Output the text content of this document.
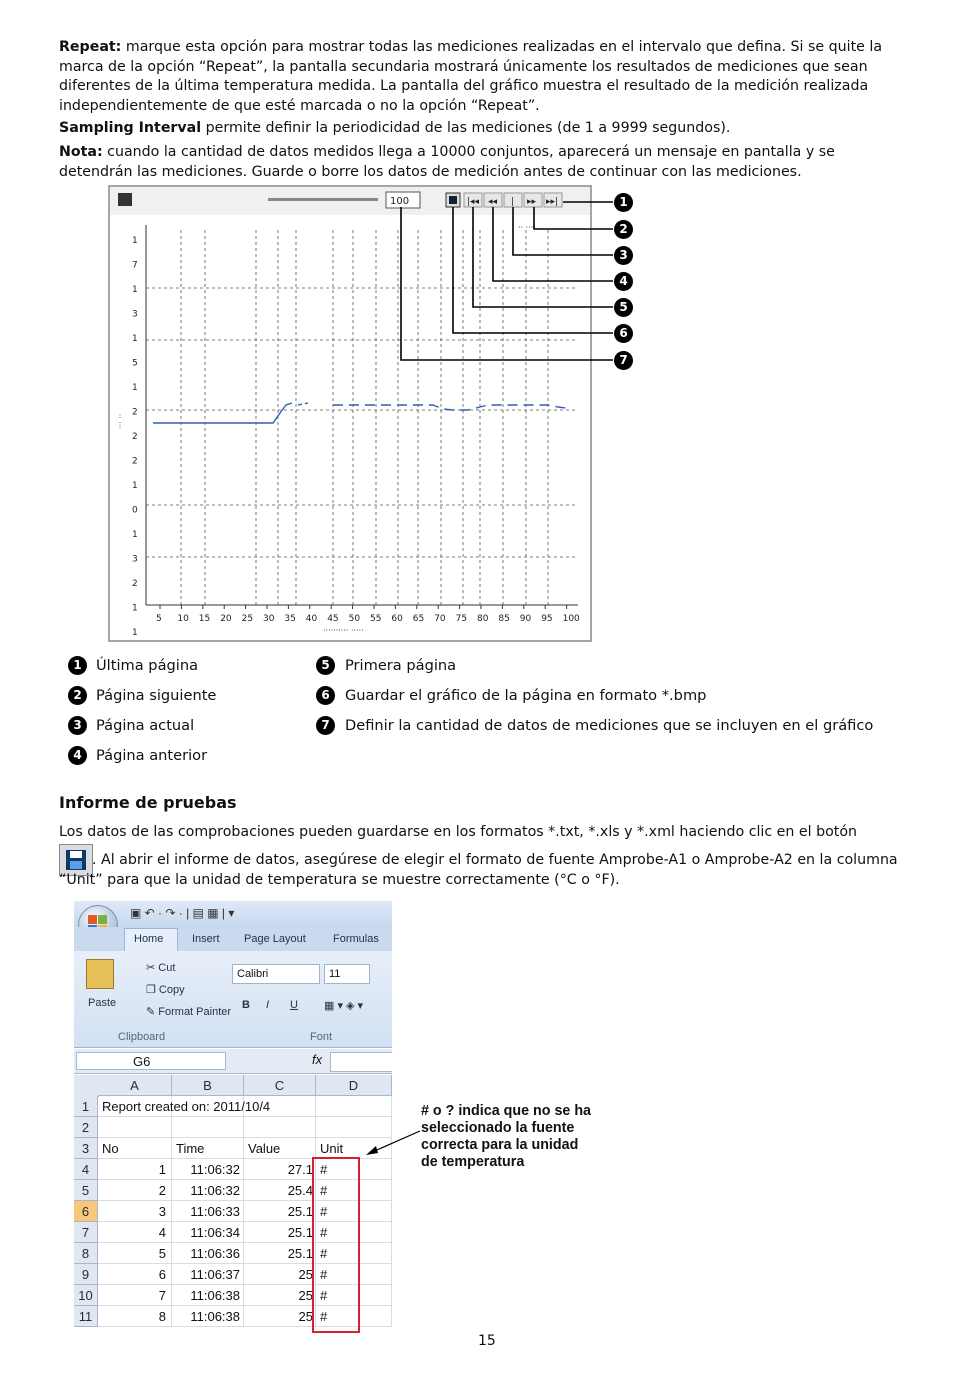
Repeat: marque esta opción para mostrar todas las mediciones realizadas en el intervalo que defina. Si se quite la marca de la opción “Repeat”, la pantalla secundaria mostrará únicamente los resultados de mediciones que sean diferentes de la última temperatura medida. La pantalla del gráfico muestra el resultado de la medición realizada independientemente de que esté marcada o no la opción “Repeat”.
Sampling Interval permite definir la periodicidad de las mediciones (de 1 a 9999 segundos).
Nota: cuando la cantidad de datos medidos llega a 10000 conjuntos, aparecerá un mensaje en pantalla y se detendrán las mediciones. Guarde o borre los datos de medición antes de continuar con las mediciones.
100	|◂◂ ◂◂ | ▸▸ ▸▸|
1
7
1
3
1
5
1
2
2
2
1
0
1
3
2
1
1
5 10 15 20 25 30 35 40 45 50 55 60 65 70 75 80 85 90 95 100
·· ····
··· ··
·········· ·····
1
2
3
4
5
6
7
1 Última página
2 Página siguiente
3 Página actual
4 Página anterior
5	Primera página
6	Guardar el gráfico de la página en formato *.bmp
7	Definir la cantidad de datos de mediciones que se incluyen en el gráfico
Informe de pruebas
Los datos de las comprobaciones pueden guardarse en los formatos *.txt, *.xls y *.xml haciendo clic en el botón
. Al abrir el informe de datos, asegúrese de elegir el formato de fuente Amprobe-A1 o Amprobe-A2 en la columna “Unit” para que la unidad de temperatura se muestre correctamente (°C o °F).
▣ ↶ · ↷ · | ▤ ▦ | ▾
Home	Insert Page Layout Formulas
Paste
✂ Cut
❐ Copy
✎ Format Painter
Clipboard
Calibri	11
B I U ▦ ▾ ◈ ▾
Font
G6	fx
A	B	C	D
1 Report created on: 2011/10/4
2
3 No	Time	Value	Unit
4	1	11:06:32	27.1 #
5	2	11:06:32	25.4 #
6	3	11:06:33	25.1 #
7	4	11:06:34	25.1 #
8	5	11:06:36	25.1 #
9	6	11:06:37	25 #
10	7	11:06:38	25 #
11	8	11:06:38	25 #
# o ? indica que no se ha
seleccionado la fuente
correcta para la unidad
de temperatura
15
